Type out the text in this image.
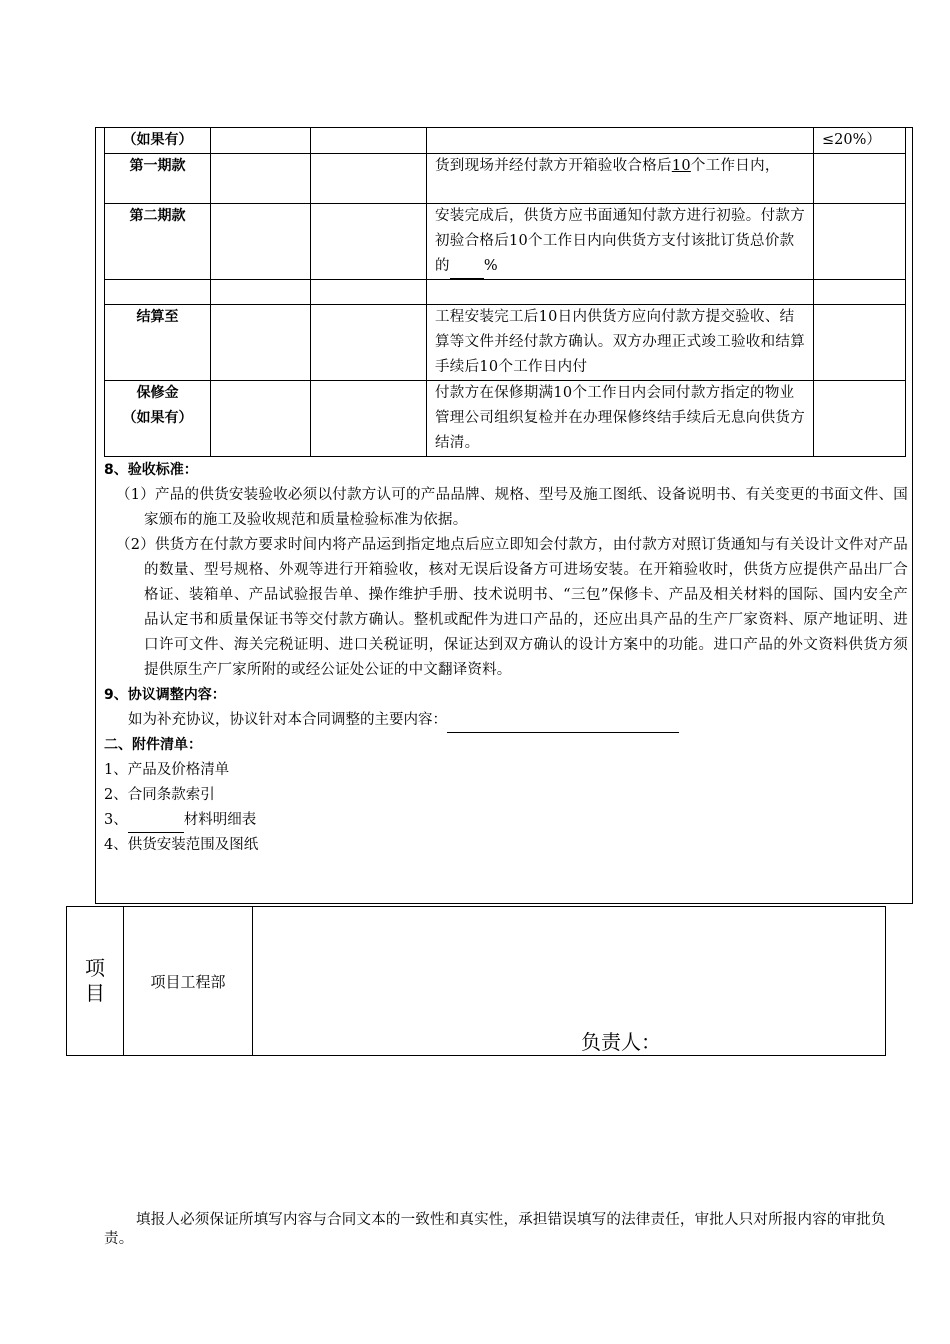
（如果有）				≤20%）
第一期款			货到现场并经付款方开箱验收合格后10个工作日内，	
第二期款			安装完成后，供货方应书面通知付款方进行初验。付款方初验合格后10个工作日内向供货方支付该批订货总价款的 %	

结算至			工程安装完工后10日内供货方应向付款方提交验收、结算等文件并经付款方确认。双方办理正式竣工验收和结算手续后10个工作日内付	

保修金
（如果有）			付款方在保修期满10个工作日内会同付款方指定的物业管理公司组织复检并在办理保修终结手续后无息向供货方结清。	
8、验收标准：
（1）产品的供货安装验收必须以付款方认可的产品品牌、规格、型号及施工图纸、设备说明书、有关变更的书面文件、国家颁布的施工及验收规范和质量检验标准为依据。
（2）供货方在付款方要求时间内将产品运到指定地点后应立即知会付款方，由付款方对照订货通知与有关设计文件对产品的数量、型号规格、外观等进行开箱验收，核对无误后设备方可进场安装。在开箱验收时，供货方应提供产品出厂合格证、装箱单、产品试验报告单、操作维护手册、技术说明书、“三包”保修卡、产品及相关材料的国际、国内安全产品认定书和质量保证书等交付款方确认。整机或配件为进口产品的，还应出具产品的生产厂家资料、原产地证明、进口许可文件、海关完税证明、进口关税证明，保证达到双方确认的设计方案中的功能。进口产品的外文资料供货方须提供原生产厂家所附的或经公证处公证的中文翻译资料。
9、协议调整内容：
如为补充协议，协议针对本合同调整的主要内容：
二、附件清单：
1、产品及价格清单
2、合同条款索引
3、	材料明细表
4、供货安装范围及图纸
项
目	项目工程部	
负责人：
填报人必须保证所填写内容与合同文本的一致性和真实性，承担错误填写的法律责任，审批人只对所报内容的审批负责。
